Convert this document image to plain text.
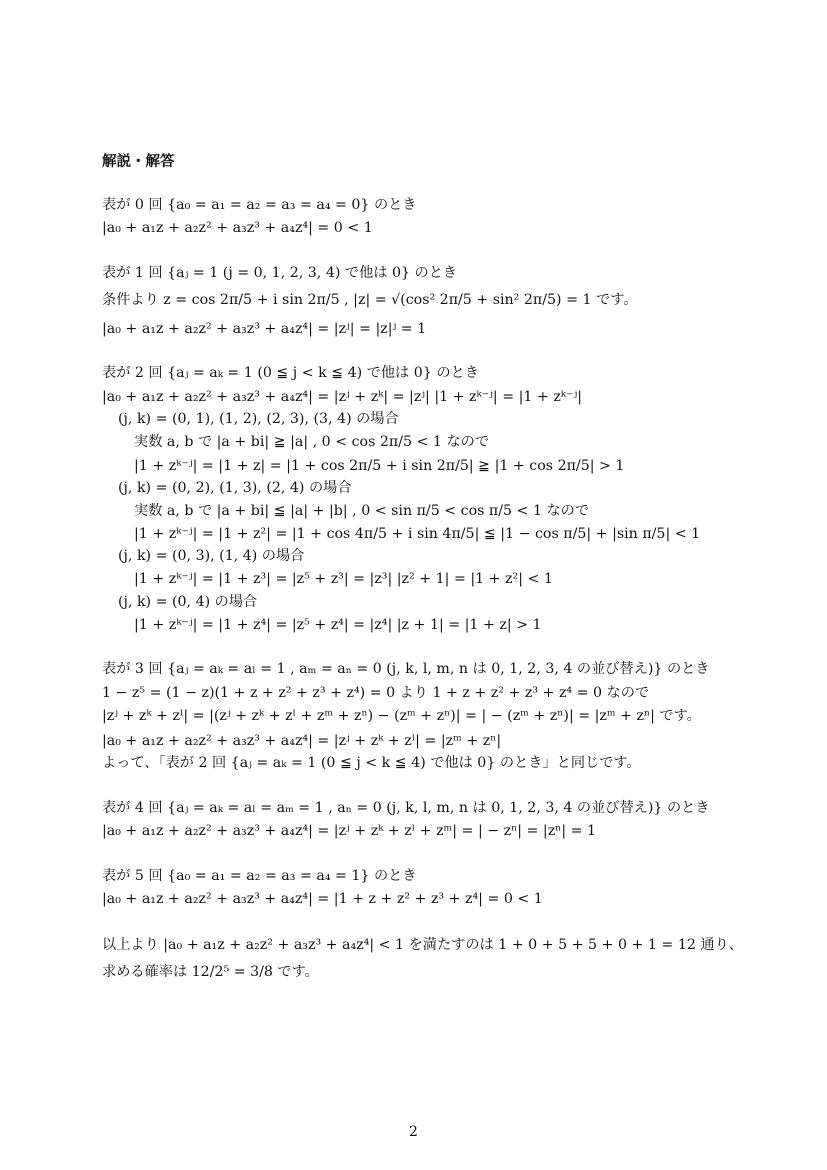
解説・解答
表が 0 回 {a₀ = a₁ = a₂ = a₃ = a₄ = 0} のとき
|a₀ + a₁z + a₂z² + a₃z³ + a₄z⁴| = 0 < 1
表が 1 回 {aⱼ = 1 (j = 0, 1, 2, 3, 4) で他は 0} のとき
条件より z = cos 2π/5 + i sin 2π/5 , |z| = √(cos² 2π/5 + sin² 2π/5) = 1 です。
|a₀ + a₁z + a₂z² + a₃z³ + a₄z⁴| = |zʲ| = |z|ʲ = 1
表が 2 回 {aⱼ = aₖ = 1 (0 ≦ j < k ≦ 4) で他は 0} のとき
|a₀ + a₁z + a₂z² + a₃z³ + a₄z⁴| = |zʲ + zᵏ| = |zʲ| |1 + zᵏ⁻ʲ| = |1 + zᵏ⁻ʲ|
(j, k) = (0, 1), (1, 2), (2, 3), (3, 4) の場合
実数 a, b で |a + bi| ≧ |a| , 0 < cos 2π/5 < 1 なので
|1 + zᵏ⁻ʲ| = |1 + z| = |1 + cos 2π/5 + i sin 2π/5| ≧ |1 + cos 2π/5| > 1
(j, k) = (0, 2), (1, 3), (2, 4) の場合
実数 a, b で |a + bi| ≦ |a| + |b| , 0 < sin π/5 < cos π/5 < 1 なので
|1 + zᵏ⁻ʲ| = |1 + z²| = |1 + cos 4π/5 + i sin 4π/5| ≦ |1 − cos π/5| + |sin π/5| < 1
(j, k) = (0, 3), (1, 4) の場合
|1 + zᵏ⁻ʲ| = |1 + z³| = |z⁵ + z³| = |z³| |z² + 1| = |1 + z²| < 1
(j, k) = (0, 4) の場合
|1 + zᵏ⁻ʲ| = |1 + z⁴| = |z⁵ + z⁴| = |z⁴| |z + 1| = |1 + z| > 1
表が 3 回 {aⱼ = aₖ = aₗ = 1 , aₘ = aₙ = 0 (j, k, l, m, n は 0, 1, 2, 3, 4 の並び替え)} のとき
1 − z⁵ = (1 − z)(1 + z + z² + z³ + z⁴) = 0 より 1 + z + z² + z³ + z⁴ = 0 なので
|zʲ + zᵏ + zˡ| = |(zʲ + zᵏ + zˡ + zᵐ + zⁿ) − (zᵐ + zⁿ)| = | − (zᵐ + zⁿ)| = |zᵐ + zⁿ| です。
|a₀ + a₁z + a₂z² + a₃z³ + a₄z⁴| = |zʲ + zᵏ + zˡ| = |zᵐ + zⁿ|
よって、「表が 2 回 {aⱼ = aₖ = 1 (0 ≦ j < k ≦ 4) で他は 0} のとき」と同じです。
表が 4 回 {aⱼ = aₖ = aₗ = aₘ = 1 , aₙ = 0 (j, k, l, m, n は 0, 1, 2, 3, 4 の並び替え)} のとき
|a₀ + a₁z + a₂z² + a₃z³ + a₄z⁴| = |zʲ + zᵏ + zˡ + zᵐ| = | − zⁿ| = |zⁿ| = 1
表が 5 回 {a₀ = a₁ = a₂ = a₃ = a₄ = 1} のとき
|a₀ + a₁z + a₂z² + a₃z³ + a₄z⁴| = |1 + z + z² + z³ + z⁴| = 0 < 1
以上より |a₀ + a₁z + a₂z² + a₃z³ + a₄z⁴| < 1 を満たすのは 1 + 0 + 5 + 5 + 0 + 1 = 12 通り、
求める確率は 12/2⁵ = 3/8 です。
2
